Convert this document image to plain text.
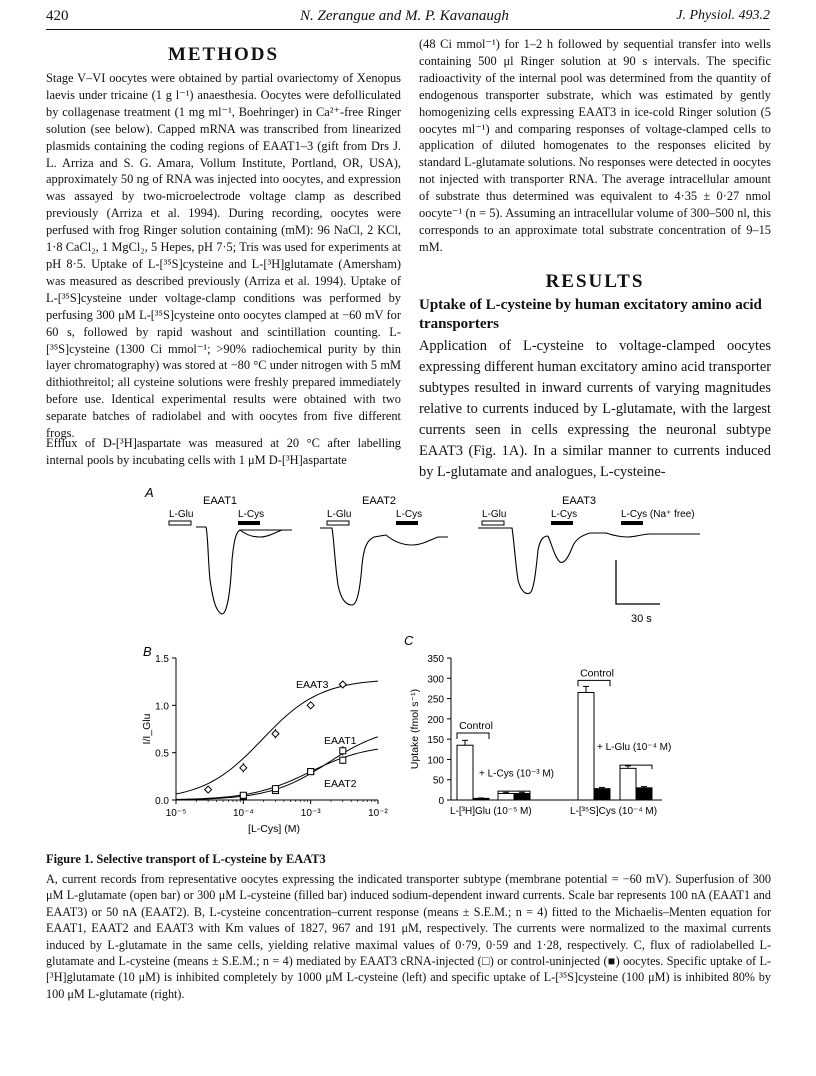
420	N. Zerangue and M. P. Kavanaugh	J. Physiol. 493.2
METHODS

Stage V–VI oocytes were obtained by partial ovariectomy of Xenopus laevis under tricaine (1 g l⁻¹) anaesthesia. Oocytes were defolliculated by collagenase treatment (1 mg ml⁻¹, Boehringer) in Ca²⁺-free Ringer solution (see below). Capped mRNA was transcribed from linearized plasmids containing the coding regions of EAAT1–3 (gift from Drs J. L. Arriza and S. G. Amara, Vollum Institute, Portland, OR, USA), approximately 50 ng of RNA was injected into oocytes, and expression was assayed by two-microelectrode voltage clamp as described previously (Arriza et al. 1994). During recording, oocytes were perfused with frog Ringer solution containing (mM): 96 NaCl, 2 KCl, 1·8 CaCl₂, 1 MgCl₂, 5 Hepes, pH 7·5; Tris was used for experiments at pH 8·5. Uptake of L-[³⁵S]cysteine and L-[³H]glutamate (Amersham) was measured as described previously (Arriza et al. 1994). Uptake of L-[³⁵S]cysteine under voltage-clamp conditions was performed by perfusing 300 μM L-[³⁵S]cysteine onto oocytes clamped at −60 mV for 60 s, followed by rapid washout and scintillation counting. L-[³⁵S]cysteine (1300 Ci mmol⁻¹; >90% radiochemical purity by thin layer chromatography) was stored at −80 °C under nitrogen with 5 mM dithiothreitol; all cysteine solutions were freshly prepared immediately before use. Identical experimental results were obtained with two separate batches of radiolabel and with oocytes from five different frogs.

Efflux of D-[³H]aspartate was measured at 20 °C after labelling internal pools by incubating cells with 1 μM D-[³H]aspartate

(48 Ci mmol⁻¹) for 1–2 h followed by sequential transfer into wells containing 500 μl Ringer solution at 90 s intervals. The specific radioactivity of the internal pool was determined from the quantity of endogenous transporter substrate, which was estimated by gently homogenizing cells expressing EAAT3 in ice-cold Ringer solution (5 oocytes ml⁻¹) and comparing responses of voltage-clamped cells to application of diluted homogenates to the responses elicited by standard L-glutamate solutions. No responses were detected in oocytes not injected with transporter RNA. The average intracellular amount of substrate thus determined was equivalent to 4·35 ± 0·27 nmol oocyte⁻¹ (n = 5). Assuming an intracellular volume of 300–500 nl, this corresponds to an approximate total substrate concentration of 9–15 mM.

RESULTS
Uptake of L-cysteine by human excitatory amino acid transporters

Application of L-cysteine to voltage-clamped oocytes expressing different human excitatory amino acid transporter subtypes resulted in inward currents of varying magnitudes relative to currents induced by L-glutamate, with the largest currents seen in cells expressing the neuronal subtype EAAT3 (Fig. 1A). In a similar manner to currents induced by L-glutamate and analogues, L-cysteine-

A
EAAT1
L-Glu	L-Cys
EAAT2
L-Glu	L-Cys
EAAT3
L-Glu	L-Cys	L-Cys (Na⁺ free)
30 s
B
0.0
0.5
1.0
1.5
10⁻⁵	10⁻⁴	10⁻³	10⁻²
[L-Cys] (M)
I/I_Glu
EAAT3
EAAT1
EAAT2
C
0
50
100
150
200
250
300
350
Uptake (fmol s⁻¹)	Control
+ L-Cys (10⁻³ M)
L-[³H]Glu (10⁻⁵ M)
Control
+ L-Glu (10⁻⁴ M)
L-[³⁵S]Cys (10⁻⁴ M)
Figure 1. Selective transport of L-cysteine by EAAT3

A, current records from representative oocytes expressing the indicated transporter subtype (membrane potential = −60 mV). Superfusion of 300 μM L-glutamate (open bar) or 300 μM L-cysteine (filled bar) induced sodium-dependent inward currents. Scale bar represents 100 nA (EAAT1 and EAAT3) or 50 nA (EAAT2). B, L-cysteine concentration–current response (means ± S.E.M.; n = 4) fitted to the Michaelis–Menten equation for EAAT1, EAAT2 and EAAT3 with Km values of 1827, 967 and 191 μM, respectively. The currents were normalized to the maximal currents induced by L-glutamate in the same cells, yielding relative maximal values of 0·79, 0·59 and 1·28, respectively. C, flux of radiolabelled L-glutamate and L-cysteine (means ± S.E.M.; n = 4) mediated by EAAT3 cRNA-injected (□) or control-uninjected (■) oocytes. Specific uptake of L-[³H]glutamate (10 μM) is inhibited completely by 1000 μM L-cysteine (left) and specific uptake of L-[³⁵S]cysteine (100 μM) is inhibited 80% by 100 μM L-glutamate (right).
